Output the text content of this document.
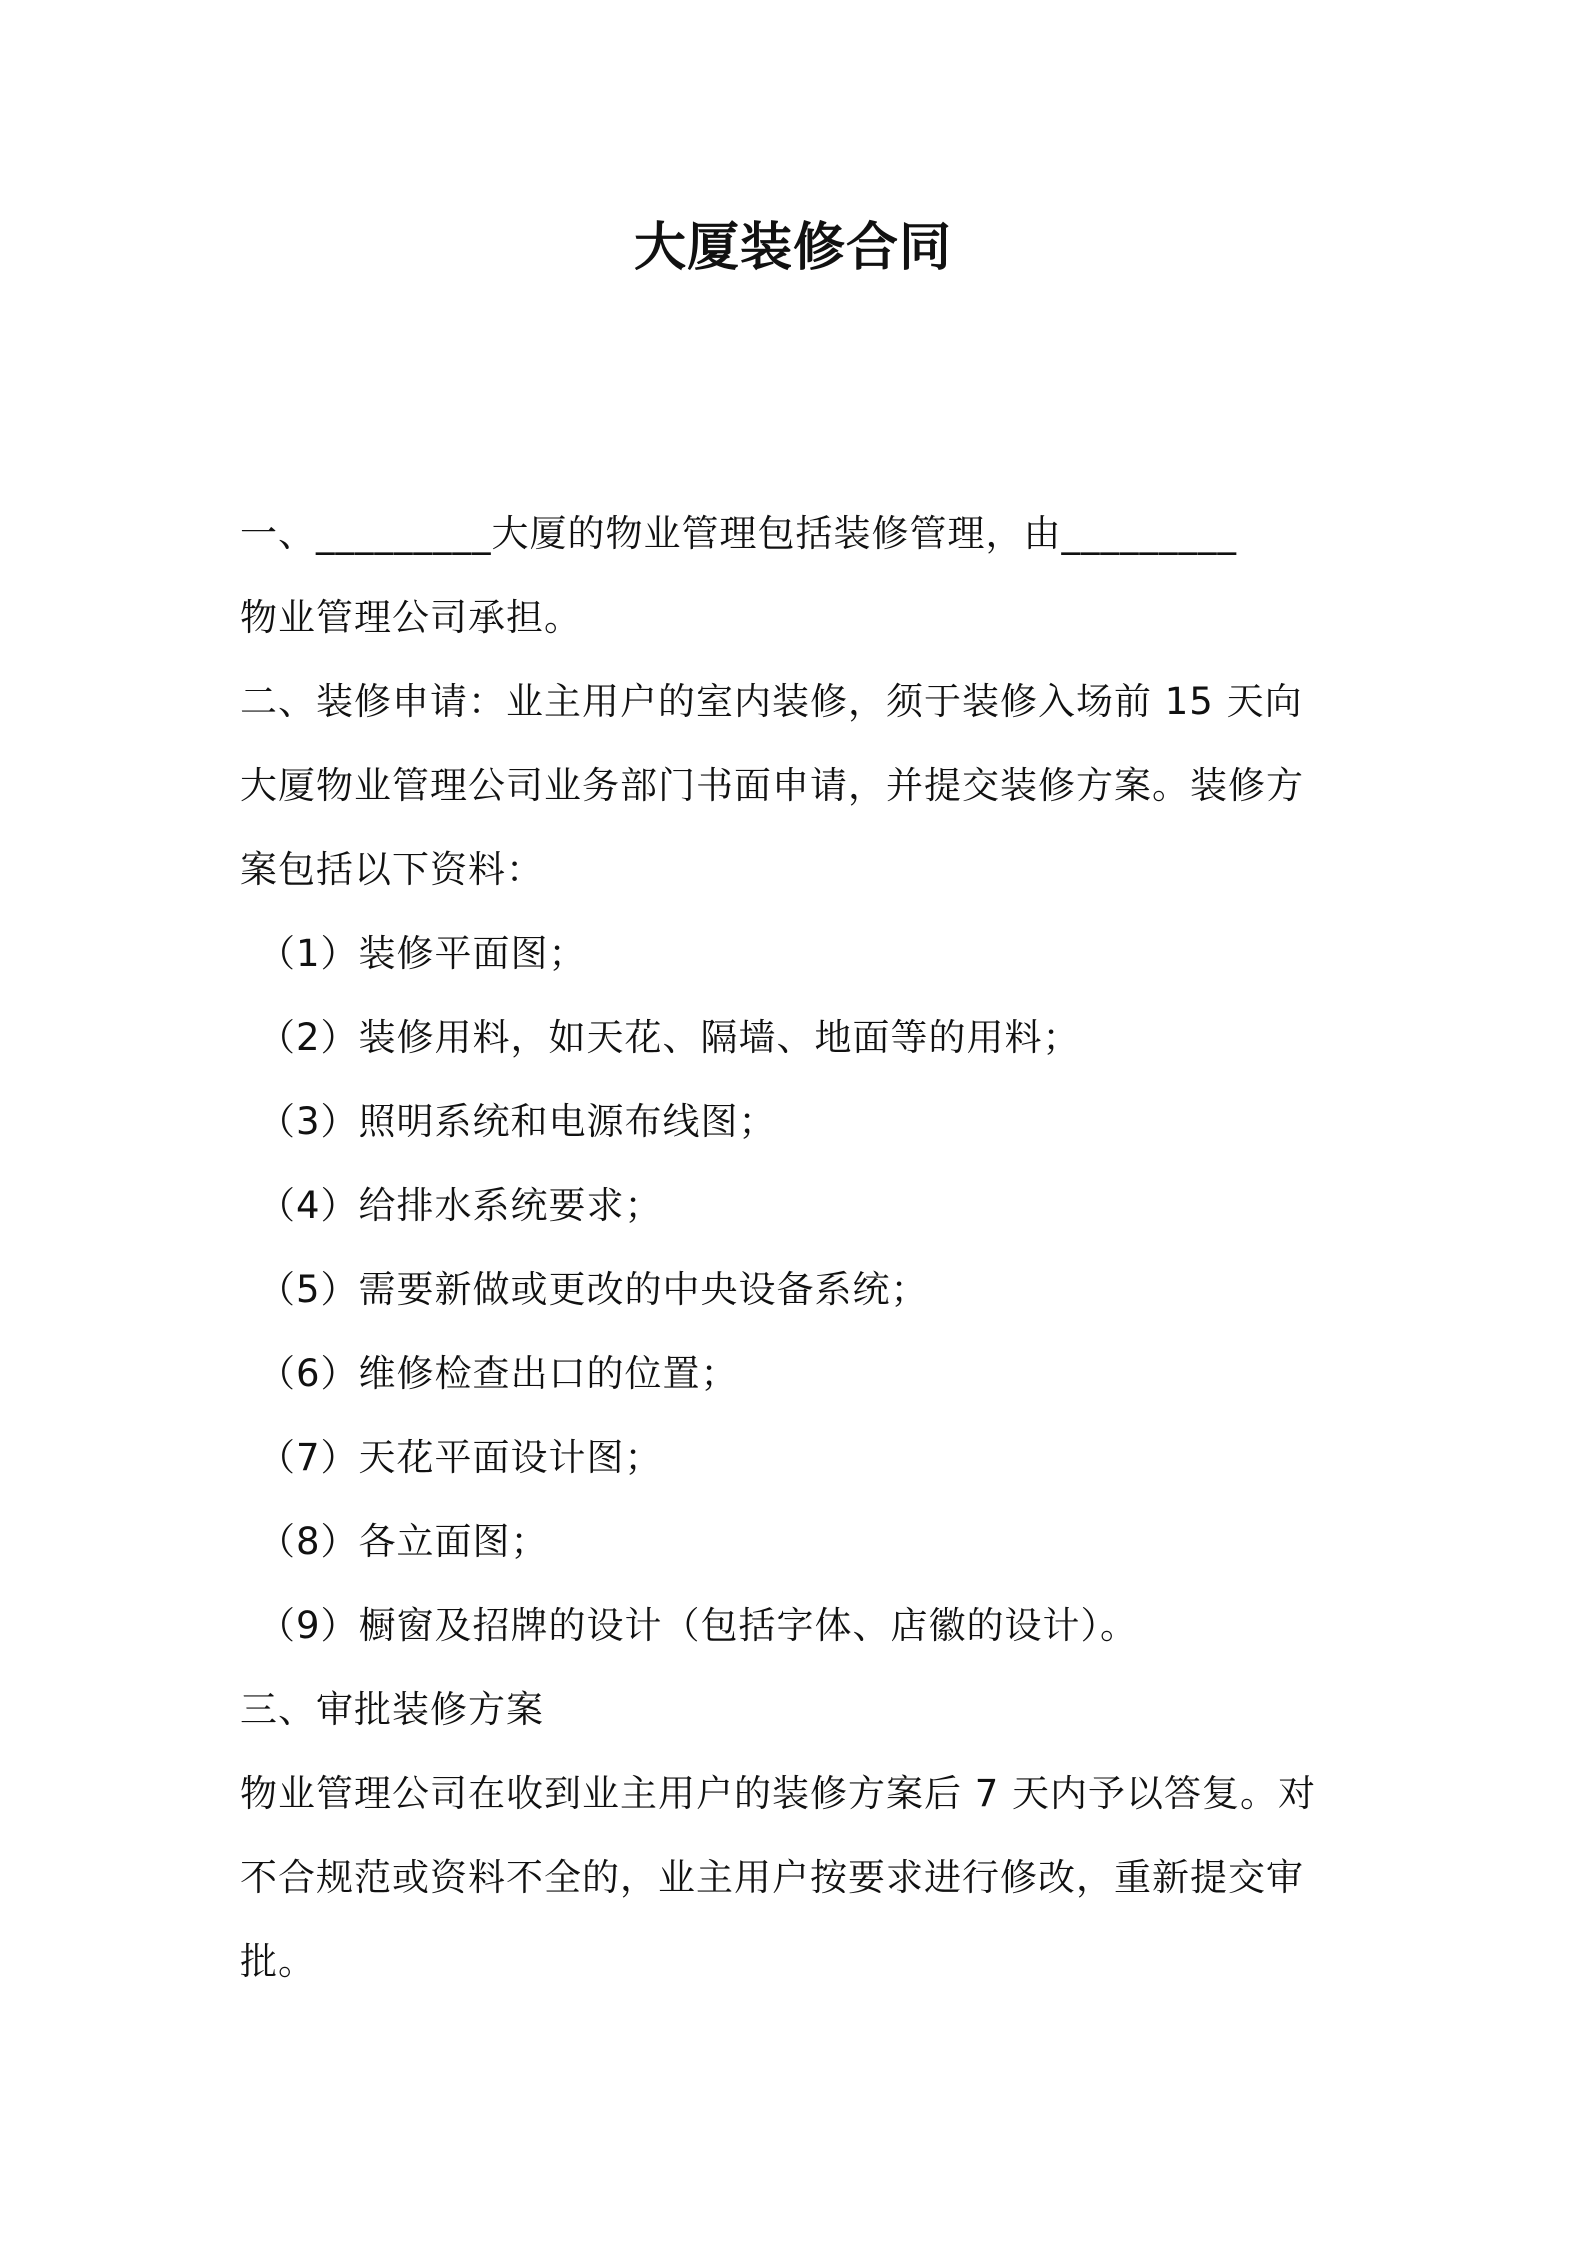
大厦装修合同
一、_________大厦的物业管理包括装修管理，由_________
物业管理公司承担。
二、装修申请：业主用户的室内装修，须于装修入场前 15 天向
大厦物业管理公司业务部门书面申请，并提交装修方案。装修方
案包括以下资料：
（1）装修平面图；
（2）装修用料，如天花、隔墙、地面等的用料；
（3）照明系统和电源布线图；
（4）给排水系统要求；
（5）需要新做或更改的中央设备系统；
（6）维修检查出口的位置；
（7）天花平面设计图；
（8）各立面图；
（9）橱窗及招牌的设计（包括字体、店徽的设计）。
三、审批装修方案
物业管理公司在收到业主用户的装修方案后 7 天内予以答复。对
不合规范或资料不全的，业主用户按要求进行修改，重新提交审
批。
